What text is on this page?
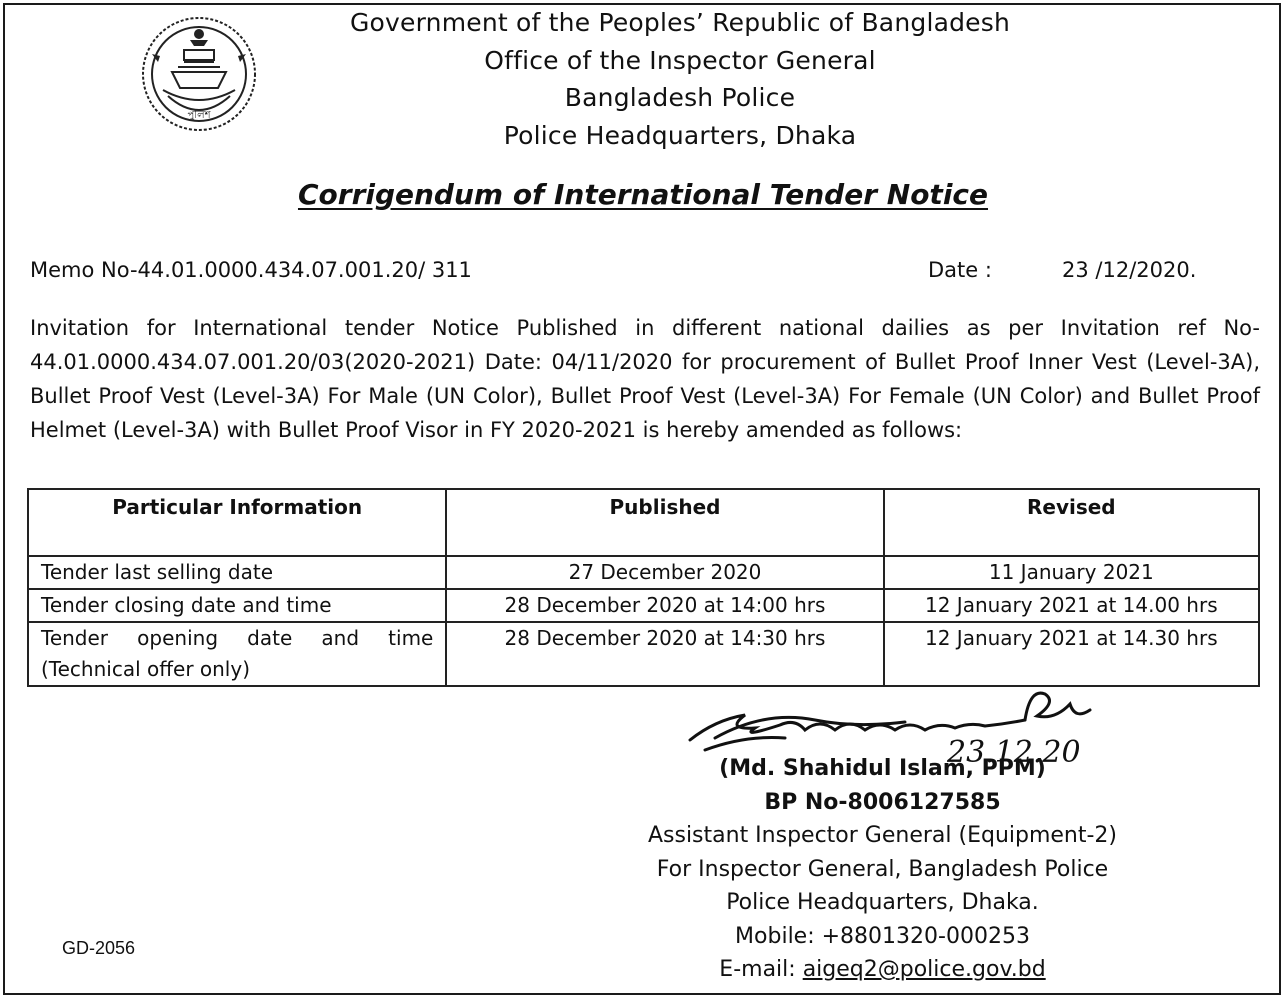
পুলিশ
Government of the Peoples’ Republic of Bangladesh
Office of the Inspector General
Bangladesh Police
Police Headquarters, Dhaka
Corrigendum of International Tender Notice
Memo No-44.01.0000.434.07.001.20/ 311	Date :	23 /12/2020.
Invitation for International tender Notice Published in different national dailies as per Invitation ref No-44.01.0000.434.07.001.20/03(2020-2021) Date: 04/11/2020 for procurement of Bullet Proof Inner Vest (Level-3A), Bullet Proof Vest (Level-3A) For Male (UN Color), Bullet Proof Vest (Level-3A) For Female (UN Color) and Bullet Proof Helmet (Level-3A) with Bullet Proof Visor in FY 2020-2021 is hereby amended as follows:
Particular Information	Published	Revised
Tender last selling date	27 December 2020	11 January 2021
Tender closing date and time	28 December 2020 at 14:00 hrs	12 January 2021 at 14.00 hrs
Tender opening date and time (Technical offer only)	28 December 2020 at 14:30 hrs	12 January 2021 at 14.30 hrs
23.12.20
(Md. Shahidul Islam, PPM)
BP No-8006127585
Assistant Inspector General (Equipment-2)
For Inspector General, Bangladesh Police
Police Headquarters, Dhaka.
Mobile: +8801320-000253
E-mail: aigeq2@police.gov.bd
GD-2056
